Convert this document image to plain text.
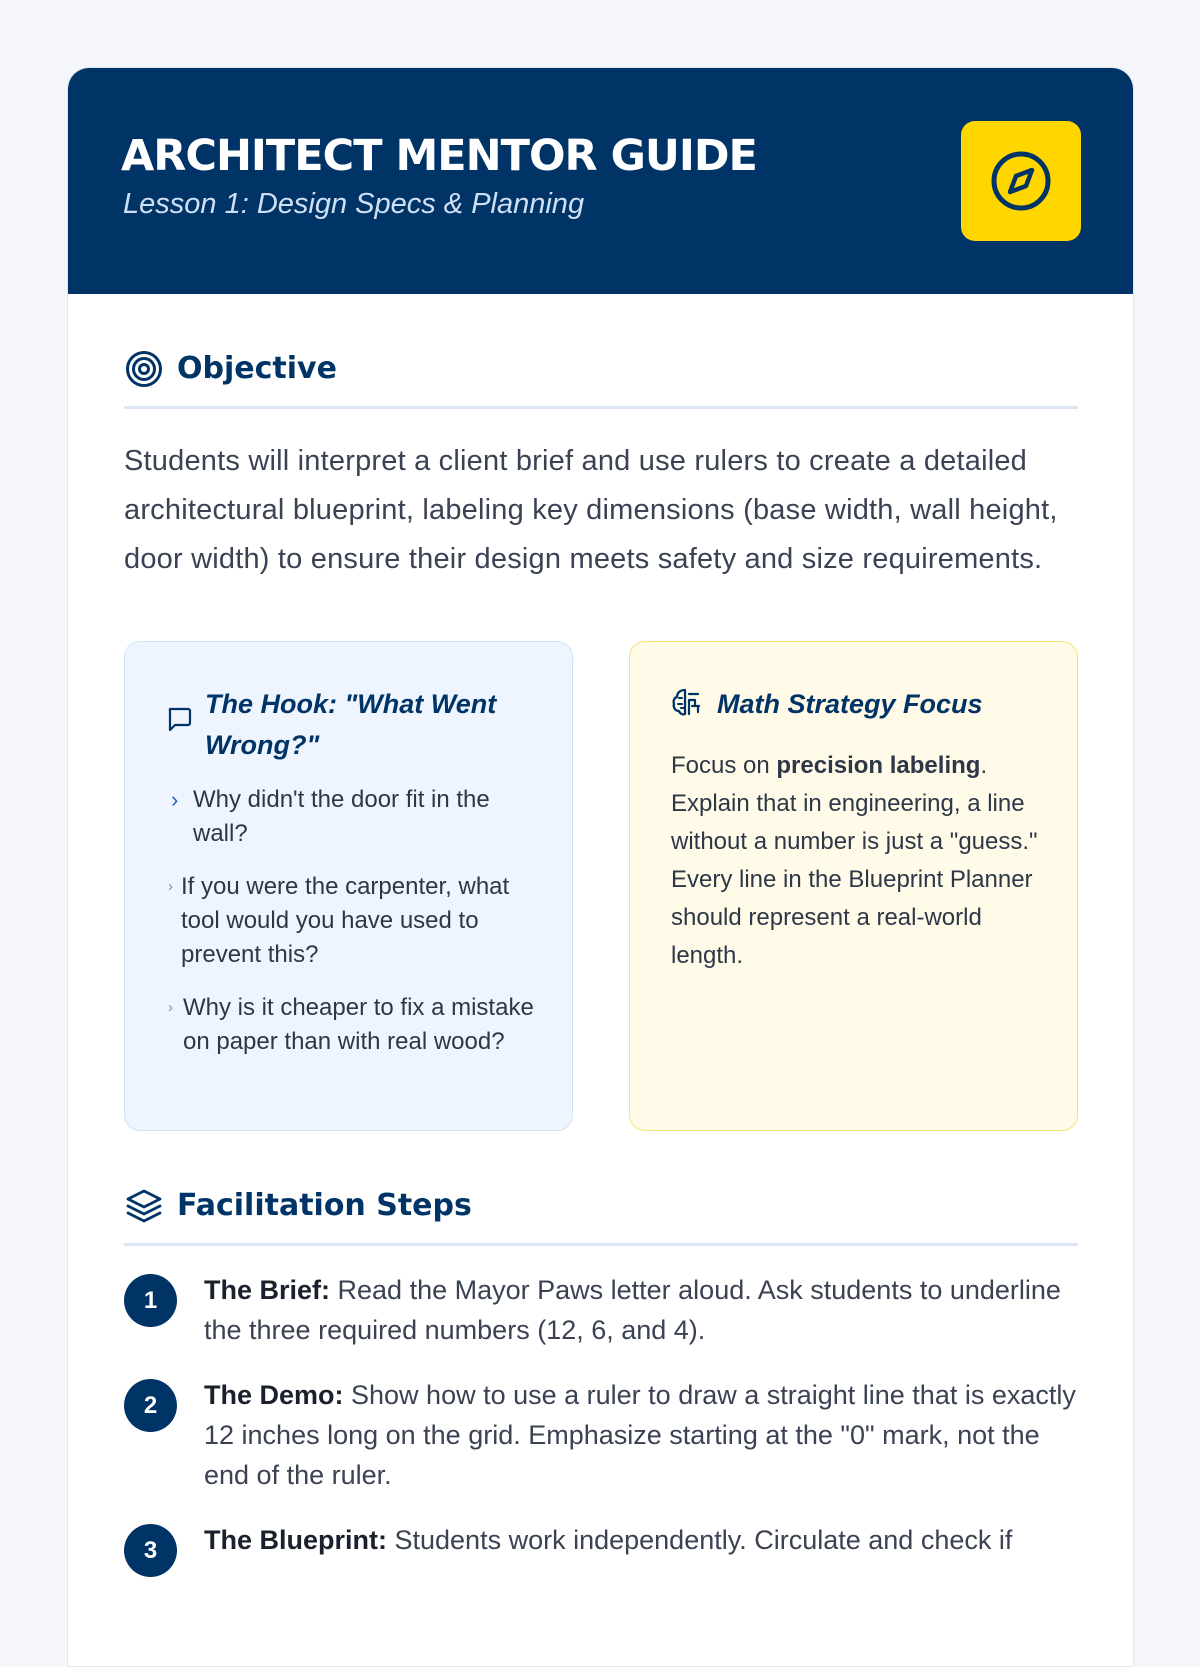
ARCHITECT MENTOR GUIDE
Lesson 1: Design Specs & Planning
Objective

Students will interpret a client brief and use rulers to create a detailed architectural blueprint, labeling key dimensions (base width, wall height, door width) to ensure their design meets safety and size requirements.

The Hook: "What Went Wrong?"
› Why didn't the door fit in the wall?
› If you were the carpenter, what tool would you have used to prevent this?
› Why is it cheaper to fix a mistake on paper than with real wood?
Math Strategy Focus

Focus on precision labeling. Explain that in engineering, a line without a number is just a "guess." Every line in the Blueprint Planner should represent a real-world length.

Facilitation Steps
1	The Brief: Read the Mayor Paws letter aloud. Ask students to underline the three required numbers (12, 6, and 4).

2	The Demo: Show how to use a ruler to draw a straight line that is exactly 12 inches long on the grid. Emphasize starting at the "0" mark, not the end of the ruler.

3	The Blueprint: Students work independently. Circulate and check if
